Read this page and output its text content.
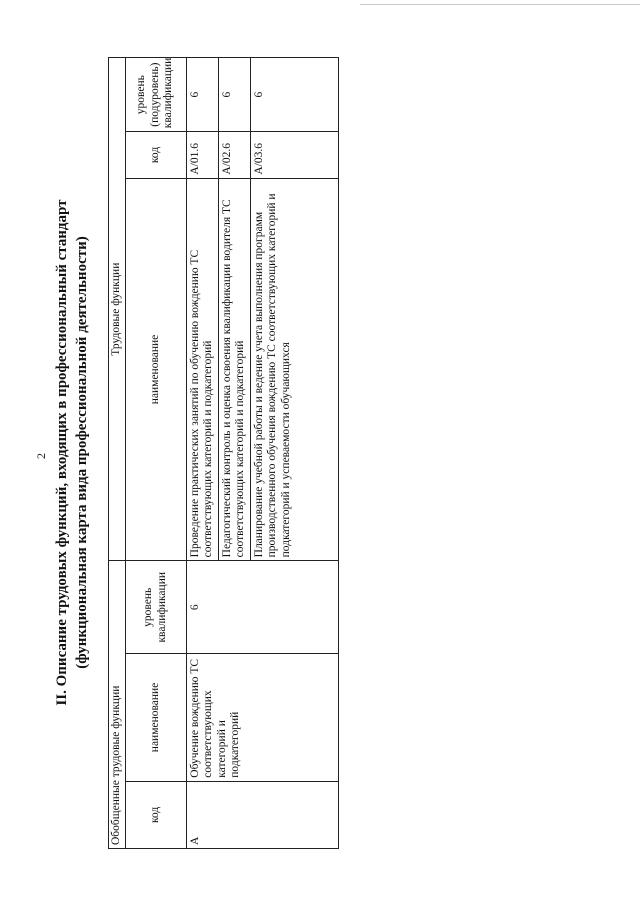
2 II. Описание трудовых функций, входящих в профессиональный стандарт (функциональная карта вида профессиональной деятельности)
Обобщенные трудовые функции			Трудовые функции		
код	наименование	уровень квалификации	наименование	код	уровень (подуровень) квалификации
А	Обучение вождению ТС соответствующих категорий и подкатегорий	6	Проведение практических занятий по обучению вождению ТС соответствующих категорий и подкатегорий	А/01.6	6
			Педагогический контроль и оценка освоения квалификации водителя ТС соответствующих категорий и подкатегорий	А/02.6	6
			Планирование учебной работы и ведение учета выполнения программ производственного обучения вождению ТС соответствующих категорий и подкатегорий и успеваемости обучающихся	А/03.6	6
